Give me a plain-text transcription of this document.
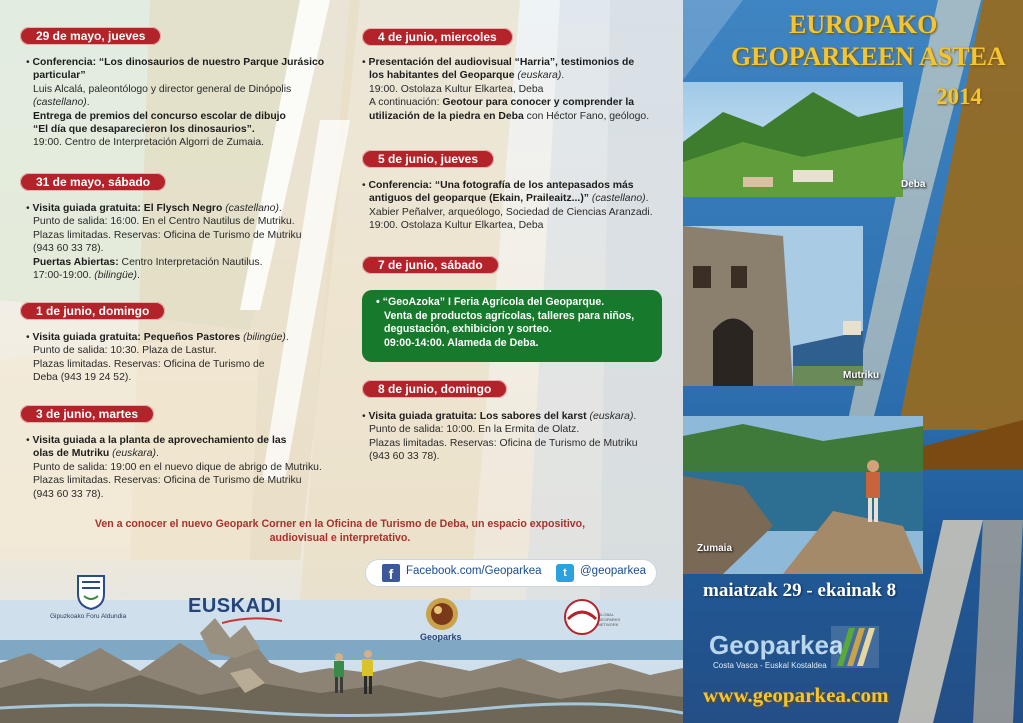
29 de mayo, jueves
• Conferencia: “Los dinosaurios de nuestro Parque Jurásico
particular”
Luis Alcalá, paleontólogo y director general de Dinópolis
(castellano).
Entrega de premios del concurso escolar de dibujo
“El día que desaparecieron los dinosaurios”.
19:00. Centro de Interpretación Algorri de Zumaia.
31 de mayo, sábado
• Visita guiada gratuita: El Flysch Negro (castellano).
Punto de salida: 16:00. En el Centro Nautilus de Mutriku.
Plazas limitadas. Reservas: Oficina de Turismo de Mutriku
(943 60 33 78).
Puertas Abiertas: Centro Interpretación Nautilus.
17:00-19:00. (bilingüe).
1 de junio, domingo
• Visita guiada gratuita: Pequeños Pastores (bilingüe).
Punto de salida: 10:30. Plaza de Lastur.
Plazas limitadas. Reservas: Oficina de Turismo de
Deba (943 19 24 52).
3 de junio, martes
• Visita guiada a la planta de aprovechamiento de las
olas de Mutriku (euskara).
Punto de salida: 19:00 en el nuevo dique de abrigo de Mutriku.
Plazas limitadas. Reservas: Oficina de Turismo de Mutriku
(943 60 33 78).
4 de junio, miercoles
• Presentación del audiovisual “Harria”, testimonios de
los habitantes del Geoparque (euskara).
19:00. Ostolaza Kultur Elkartea, Deba
A continuación: Geotour para conocer y comprender la
utilización de la piedra en Deba con Héctor Fano, geólogo.
5 de junio, jueves
• Conferencia: “Una fotografía de los antepasados más
antiguos del geoparque (Ekain, Praileaitz...)” (castellano).
Xabier Peñalver, arqueólogo, Sociedad de Ciencias Aranzadi.
19:00. Ostolaza Kultur Elkartea, Deba
7 de junio, sábado
• “GeoAzoka” I Feria Agrícola del Geoparque.
Venta de productos agrícolas, talleres para niños,
degustación, exhibicion y sorteo.
09:00-14:00. Alameda de Deba.
8 de junio, domingo
• Visita guiada gratuita: Los sabores del karst (euskara).
Punto de salida: 10:00. En la Ermita de Olatz.
Plazas limitadas. Reservas: Oficina de Turismo de Mutriku
(943 60 33 78).
Ven a conocer el nuevo Geopark Corner en la Oficina de Turismo de Deba, un espacio expositivo,
audiovisual e interpretativo.
f	Facebook.com/Geoparkea	t	@geoparkea
Gipuzkoako Foru Aldundia	EUSKADI
Geoparks
GLOBAL GEOPARKS NETWORK
EUROPAKO
GEOPARKEEN ASTEA
2014
Deba
Mutriku
Zumaia
maiatzak 29 - ekainak 8
Geoparkea
Costa Vasca - Euskal Kostaldea
www.geoparkea.com
